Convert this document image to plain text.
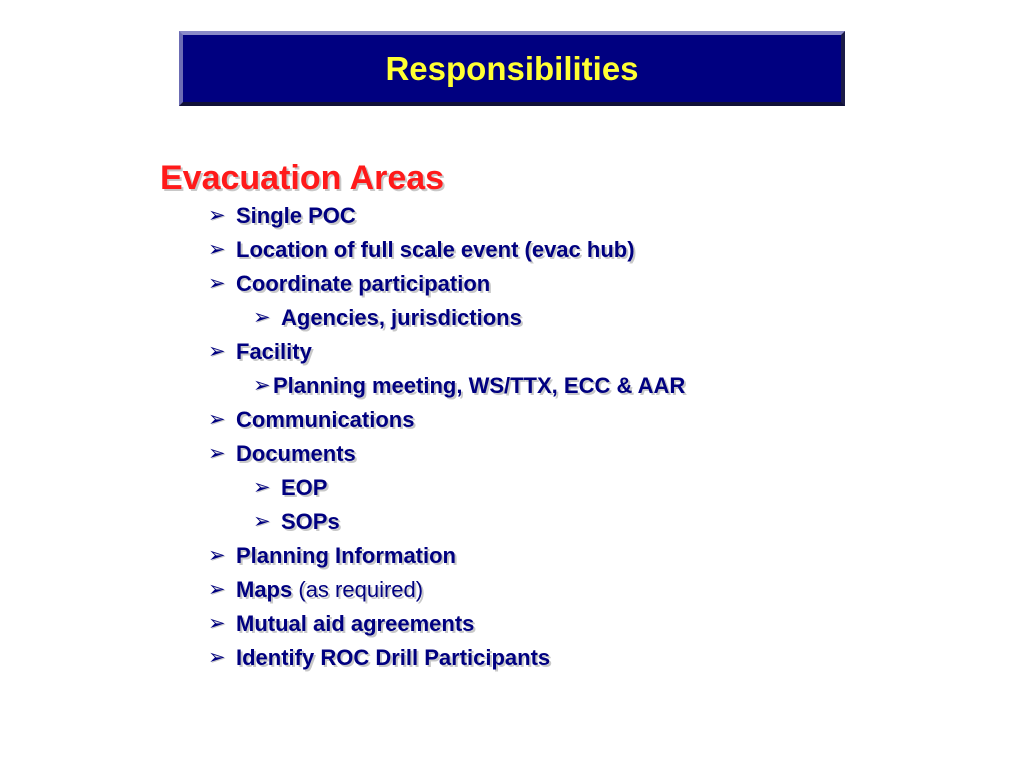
Responsibilities
Evacuation Areas
➢ Single POC
➢ Location of full scale event (evac hub)
➢ Coordinate participation
➢ Agencies, jurisdictions
➢ Facility
➢ Planning meeting, WS/TTX, ECC & AAR
➢ Communications
➢ Documents
➢ EOP
➢ SOPs
➢ Planning Information
➢ Maps (as required)
➢ Mutual aid agreements
➢ Identify ROC Drill Participants
